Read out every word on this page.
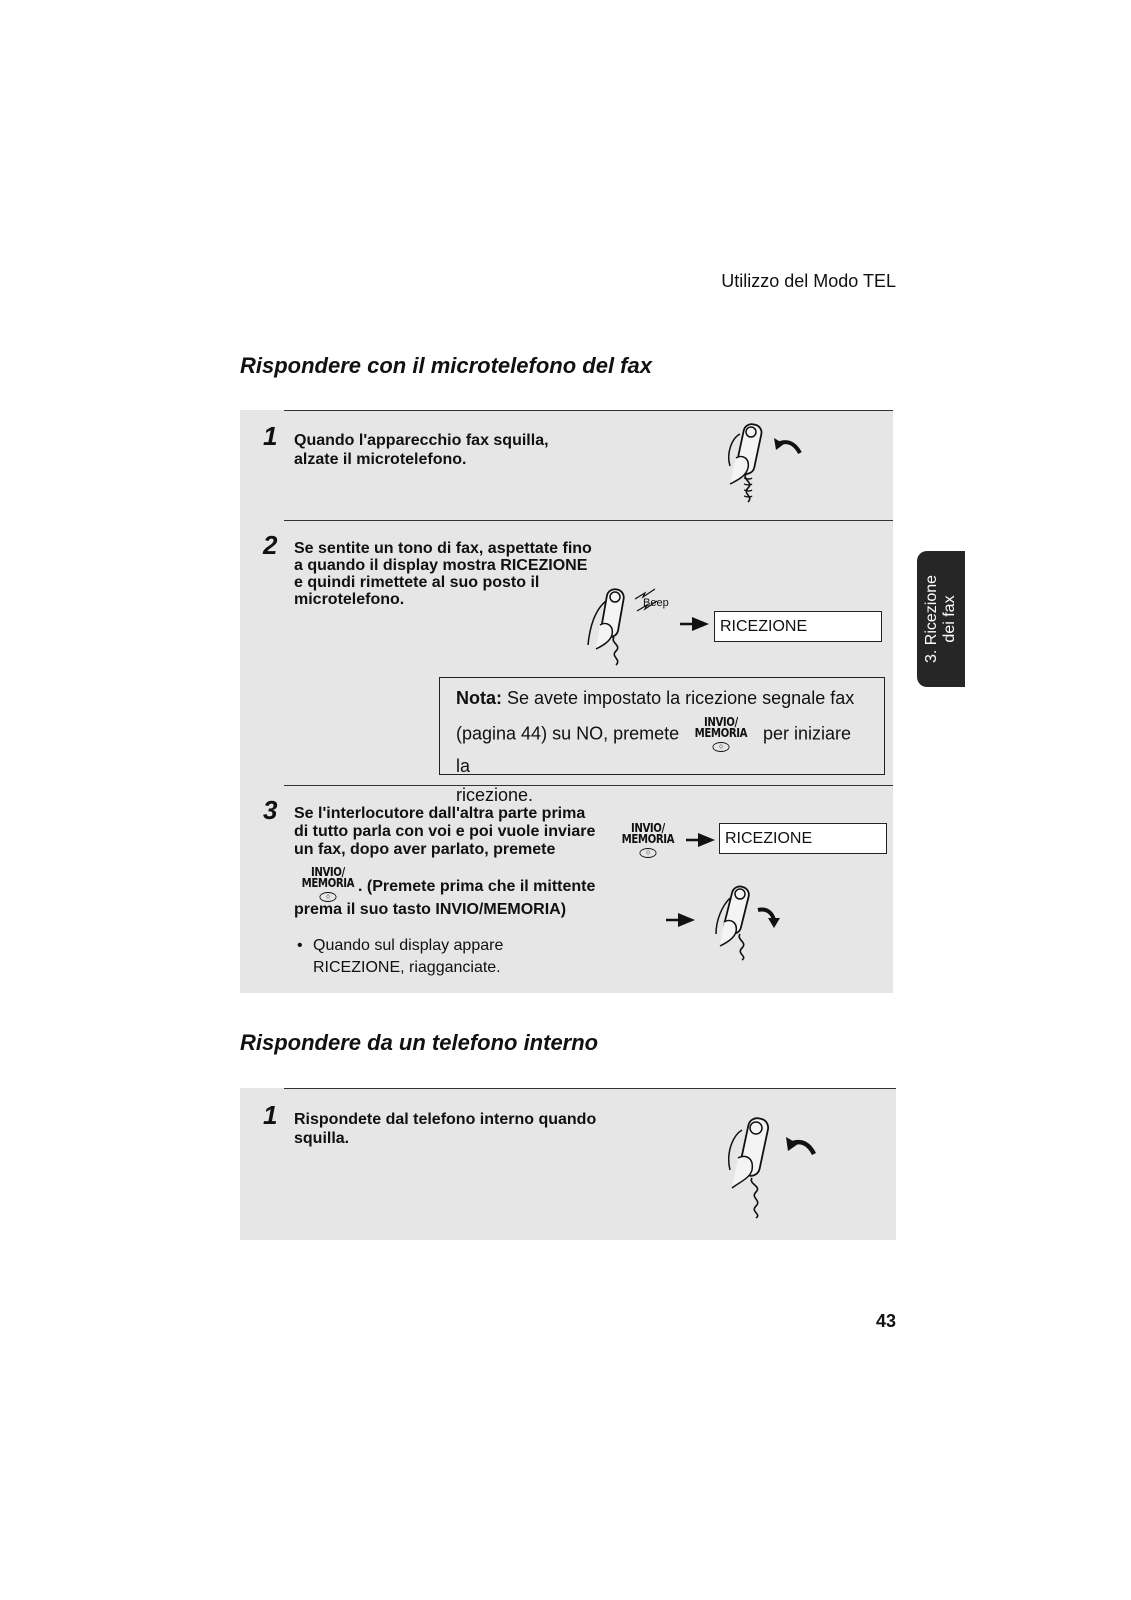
Utilizzo del Modo TEL
Rispondere con il microtelefono del fax
1 Quando l'apparecchio fax squilla,
alzate il microtelefono.
2 Se sentite un tono di fax, aspettate fino
a quando il display mostra RICEZIONE
e quindi rimettete al suo posto il
microtelefono.	Beep
RICEZIONE
Nota: Se avete impostato la ricezione segnale fax
(pagina 44) su NO, premete
INVIO/
MEMORIA
◇ per iniziare la
ricezione.
3 Se l'interlocutore dall'altra parte prima
di tutto parla con voi e poi vuole inviare
un fax, dopo aver parlato, premete
INVIO/
MEMORIA
◇
. (Premete prima che il mittente
prema il suo tasto INVIO/MEMORIA)
INVIO/
MEMORIA
◇
RICEZIONE
• Quando sul display appare
RICEZIONE, riagganciate.
Rispondere da un telefono interno
1 Rispondete dal telefono interno quando
squilla.
3. Ricezione dei fax
43
